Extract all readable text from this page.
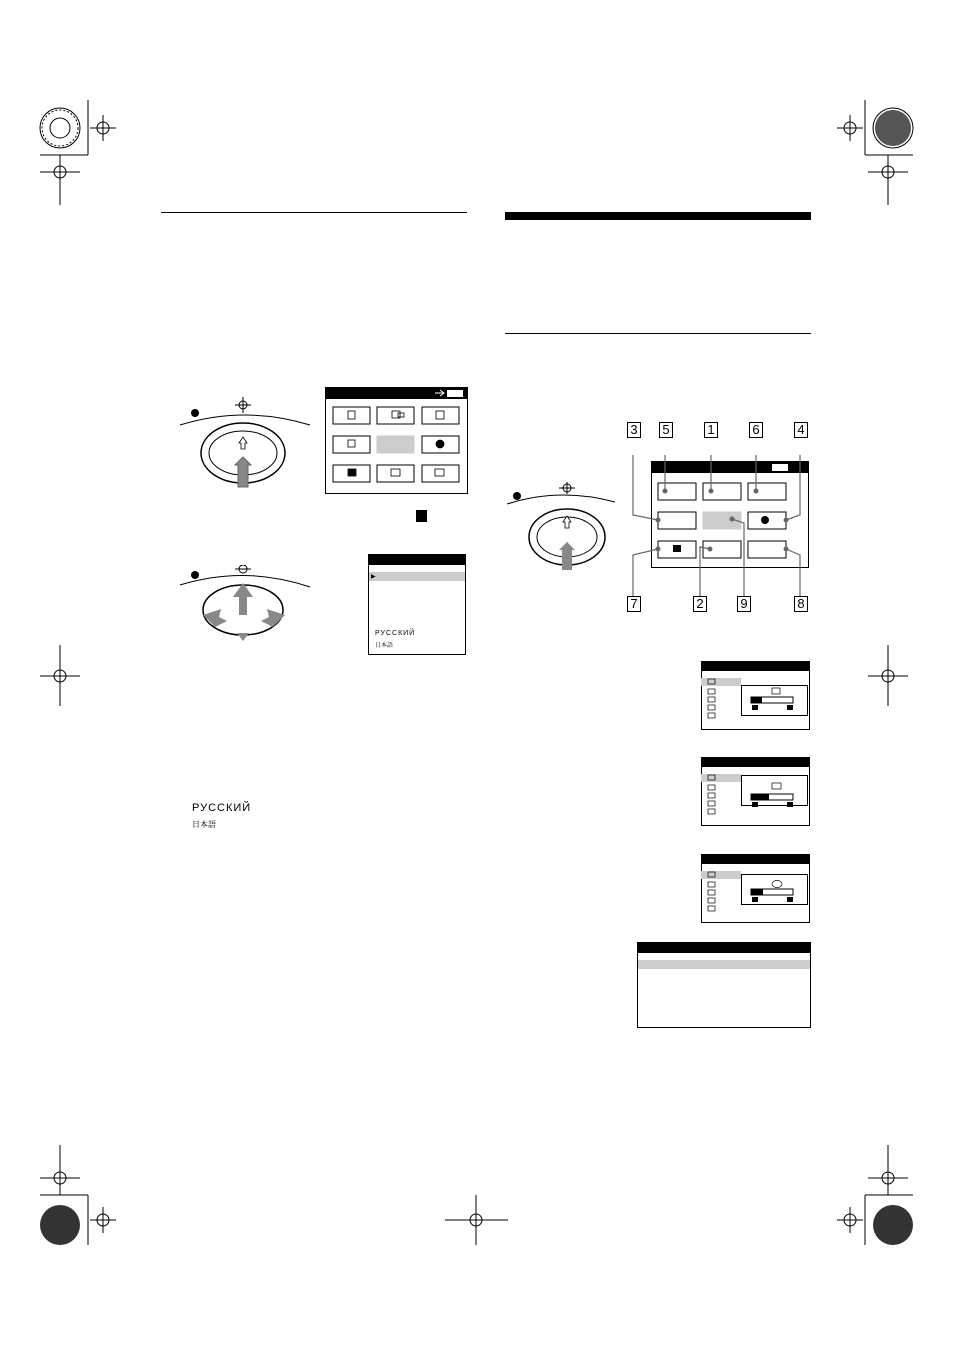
▶
РУССКИЙ
日本語
РУССКИЙ
日本語
3 5	1	6	4
7	2	9	8
